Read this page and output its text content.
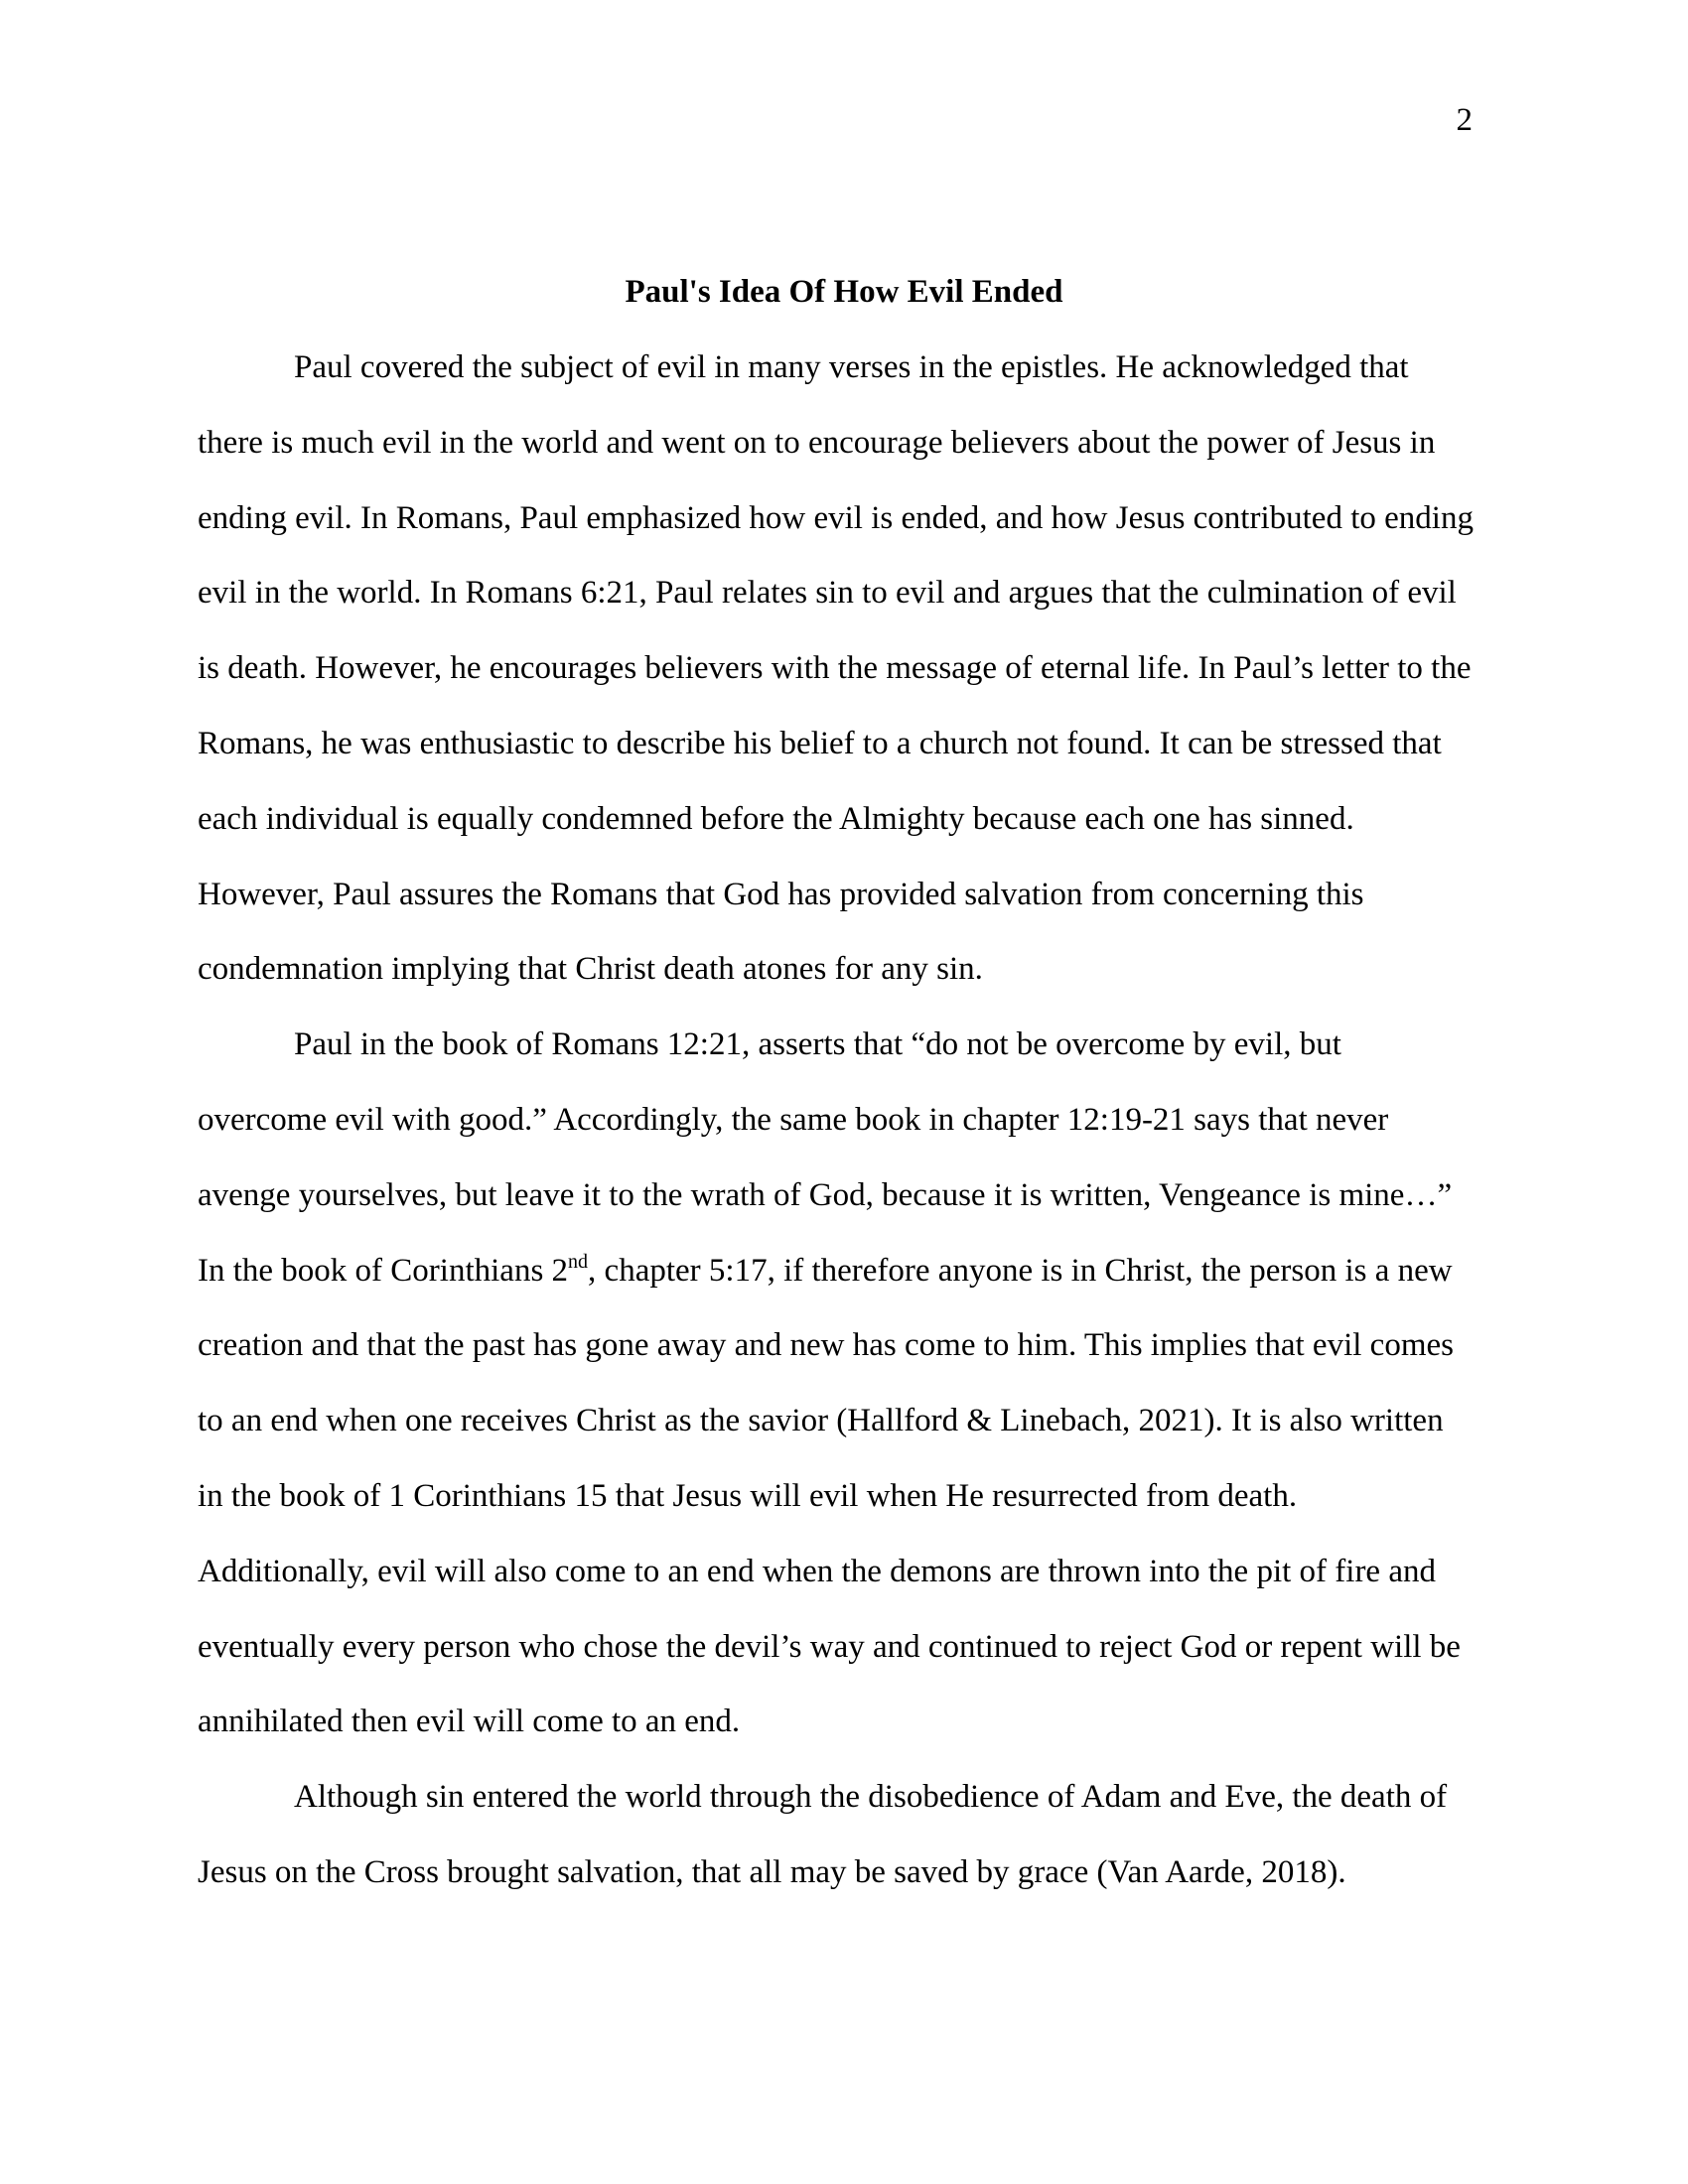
2
Paul's Idea Of How Evil Ended
Paul covered the subject of evil in many verses in the epistles. He acknowledged that
there is much evil in the world and went on to encourage believers about the power of Jesus in
ending evil. In Romans, Paul emphasized how evil is ended, and how Jesus contributed to ending
evil in the world. In Romans 6:21, Paul relates sin to evil and argues that the culmination of evil
is death. However, he encourages believers with the message of eternal life. In Paul’s letter to the
Romans, he was enthusiastic to describe his belief to a church not found. It can be stressed that
each individual is equally condemned before the Almighty because each one has sinned.
However, Paul assures the Romans that God has provided salvation from concerning this
condemnation implying that Christ death atones for any sin.
Paul in the book of Romans 12:21, asserts that “do not be overcome by evil, but
overcome evil with good.” Accordingly, the same book in chapter 12:19-21 says that never
avenge yourselves, but leave it to the wrath of God, because it is written, Vengeance is mine…”
In the book of Corinthians 2nd, chapter 5:17, if therefore anyone is in Christ, the person is a new
creation and that the past has gone away and new has come to him. This implies that evil comes
to an end when one receives Christ as the savior (Hallford & Linebach, 2021). It is also written
in the book of 1 Corinthians 15 that Jesus will evil when He resurrected from death.
Additionally, evil will also come to an end when the demons are thrown into the pit of fire and
eventually every person who chose the devil’s way and continued to reject God or repent will be
annihilated then evil will come to an end.
Although sin entered the world through the disobedience of Adam and Eve, the death of
Jesus on the Cross brought salvation, that all may be saved by grace (Van Aarde, 2018).
